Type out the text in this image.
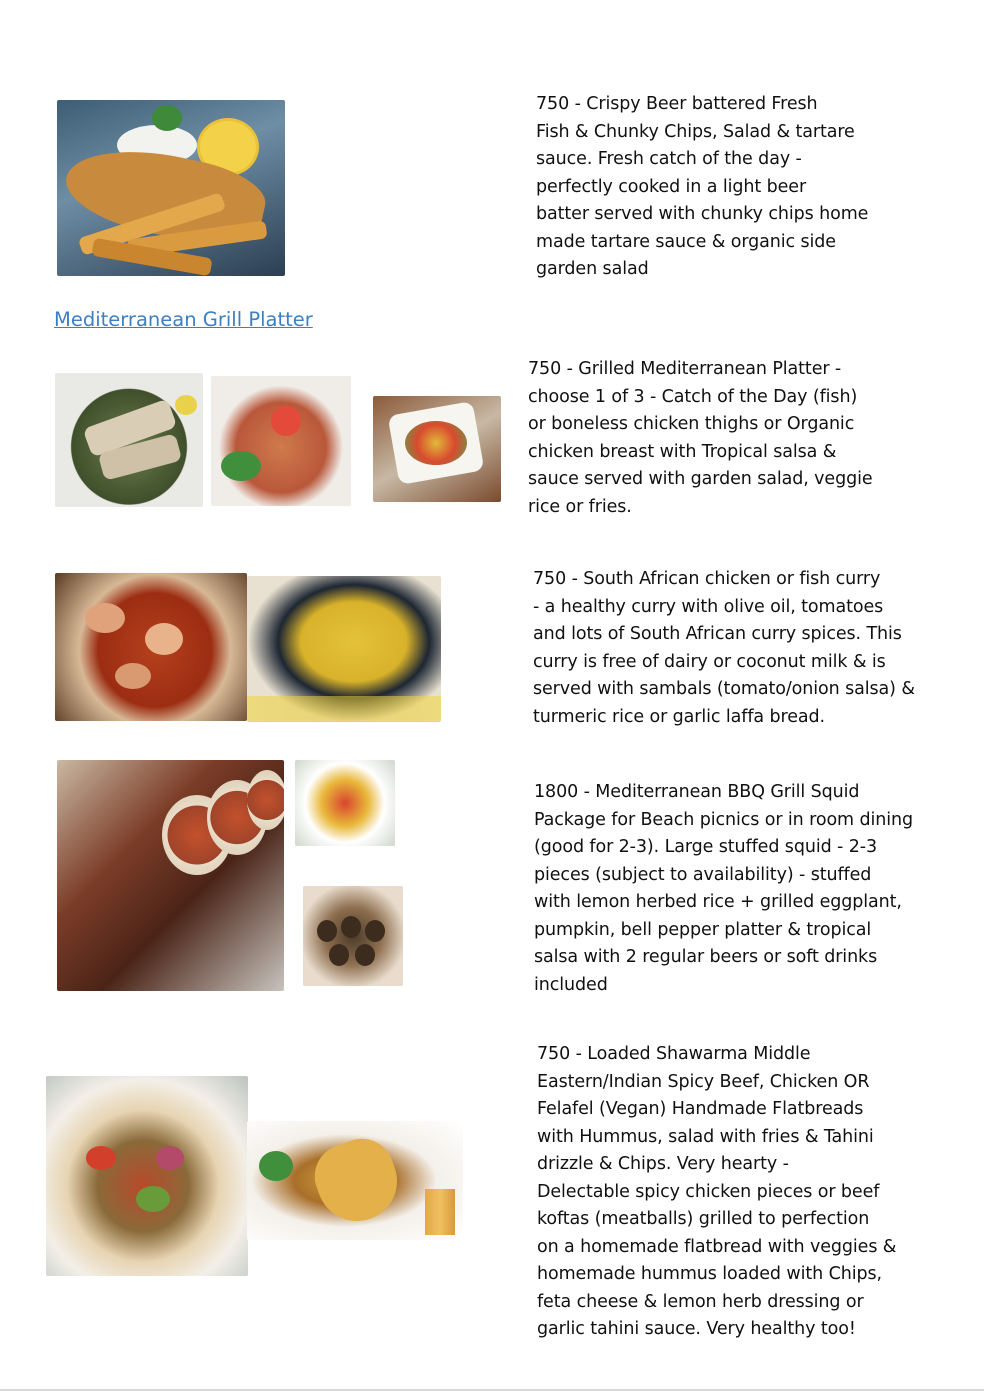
750 - Crispy Beer battered Fresh
Fish & Chunky Chips, Salad & tartare
sauce. Fresh catch of the day -
perfectly cooked in a light beer
batter served with chunky chips home
made tartare sauce & organic side
garden salad
Mediterranean Grill Platter
750 - Grilled Mediterranean Platter -
choose 1 of 3 - Catch of the Day (fish)
or boneless chicken thighs or Organic
chicken breast with Tropical salsa &
sauce served with garden salad, veggie
rice or fries.
750 - South African chicken or fish curry
- a healthy curry with olive oil, tomatoes
and lots of South African curry spices. This
curry is free of dairy or coconut milk & is
served with sambals (tomato/onion salsa) &
turmeric rice or garlic laffa bread.
1800 - Mediterranean BBQ Grill Squid
Package for Beach picnics or in room dining
(good for 2-3). Large stuffed squid - 2-3
pieces (subject to availability) - stuffed
with lemon herbed rice + grilled eggplant,
pumpkin, bell pepper platter & tropical
salsa with 2 regular beers or soft drinks
included
750 - Loaded Shawarma Middle
Eastern/Indian Spicy Beef, Chicken OR
Felafel (Vegan) Handmade Flatbreads
with Hummus, salad with fries & Tahini
drizzle & Chips. Very hearty -
Delectable spicy chicken pieces or beef
koftas (meatballs) grilled to perfection
on a homemade flatbread with veggies &
homemade hummus loaded with Chips,
feta cheese & lemon herb dressing or
garlic tahini sauce. Very healthy too!
